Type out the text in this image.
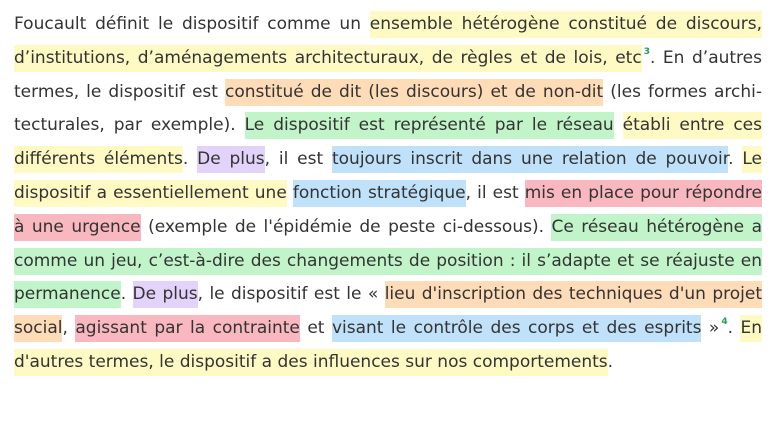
Foucault définit le dispositif comme un ensemble hétérogène constitué de discours, d’institutions, d’aménagements architecturaux, de règles et de lois, etc $^3$. En d’autres termes, le dispositif est constitué de dit (les discours) et de non-dit (les formes architecturales, par exemple). Le dispositif est représenté par le réseau établi entre ces différents éléments. De plus, il est toujours inscrit dans une relation de pouvoir. Le dispositif a essentiellement une fonction stratégique, il est mis en place pour répondre à une urgence (exemple de l'épidémie de peste ci-dessous). Ce réseau hétérogène a comme un jeu, c’est-à-dire des changements de position : il s’adapte et se réajuste en permanence. De plus, le dispositif est le « lieu d'inscription des techniques d'un projet social, agissant par la contrainte et visant le contrôle des corps et des esprits » $^4$. En d'autres termes, le dispositif a des influences sur nos comportements.
